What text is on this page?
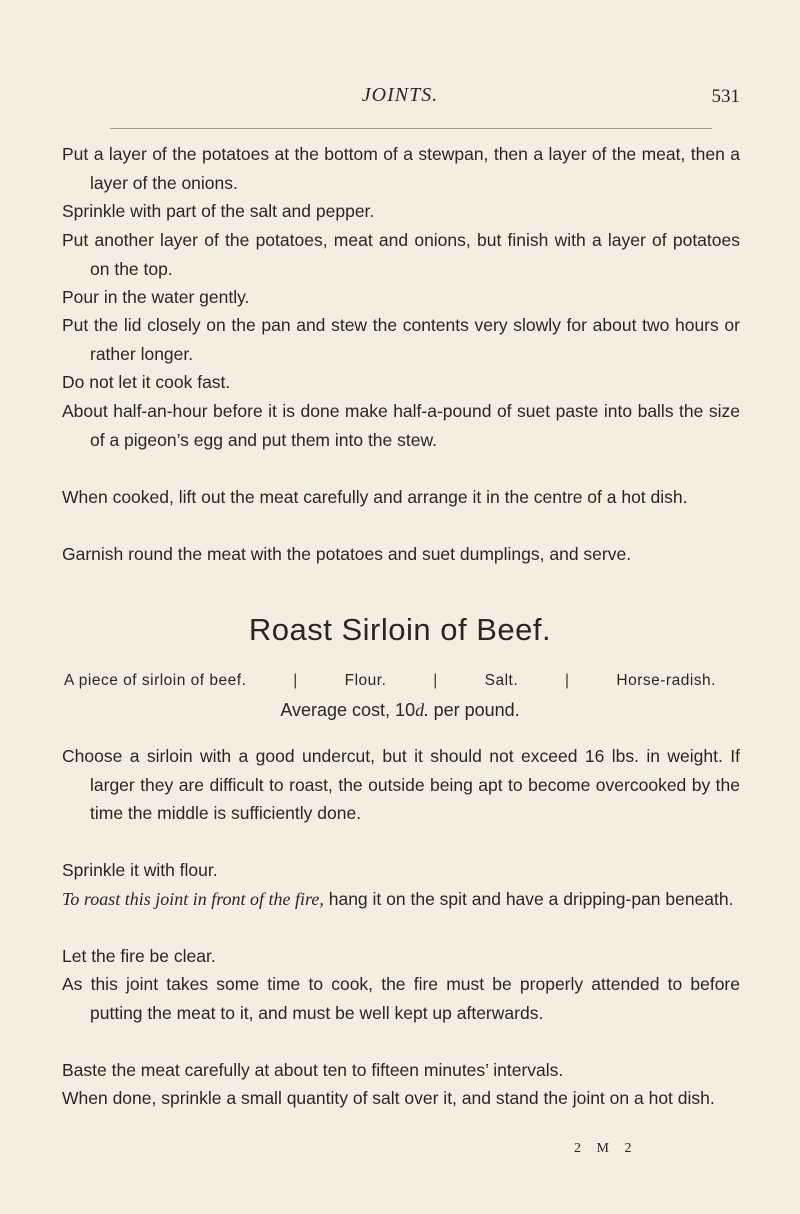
JOINTS.	531

Put a layer of the potatoes at the bottom of a stewpan, then a layer of the meat, then a layer of the onions.

Sprinkle with part of the salt and pepper.

Put another layer of the potatoes, meat and onions, but finish with a layer of potatoes on the top.

Pour in the water gently.

Put the lid closely on the pan and stew the contents very slowly for about two hours or rather longer.

Do not let it cook fast.

About half-an-hour before it is done make half-a-pound of suet paste into balls the size of a pigeon’s egg and put them into the stew.

When cooked, lift out the meat carefully and arrange it in the centre of a hot dish.

Garnish round the meat with the potatoes and suet dumplings, and serve.

Roast Sirloin of Beef.
A piece of sirloin of beef.	|	Flour.	|	Salt.	|	Horse-radish.
Average cost, 10d. per pound.

Choose a sirloin with a good undercut, but it should not exceed 16 lbs. in weight. If larger they are difficult to roast, the outside being apt to become overcooked by the time the middle is sufficiently done.

Sprinkle it with flour.

To roast this joint in front of the fire, hang it on the spit and have a dripping-pan beneath.

Let the fire be clear.

As this joint takes some time to cook, the fire must be properly attended to before putting the meat to it, and must be well kept up afterwards.

Baste the meat carefully at about ten to fifteen minutes’ intervals.

When done, sprinkle a small quantity of salt over it, and stand the joint on a hot dish.

2 M 2
